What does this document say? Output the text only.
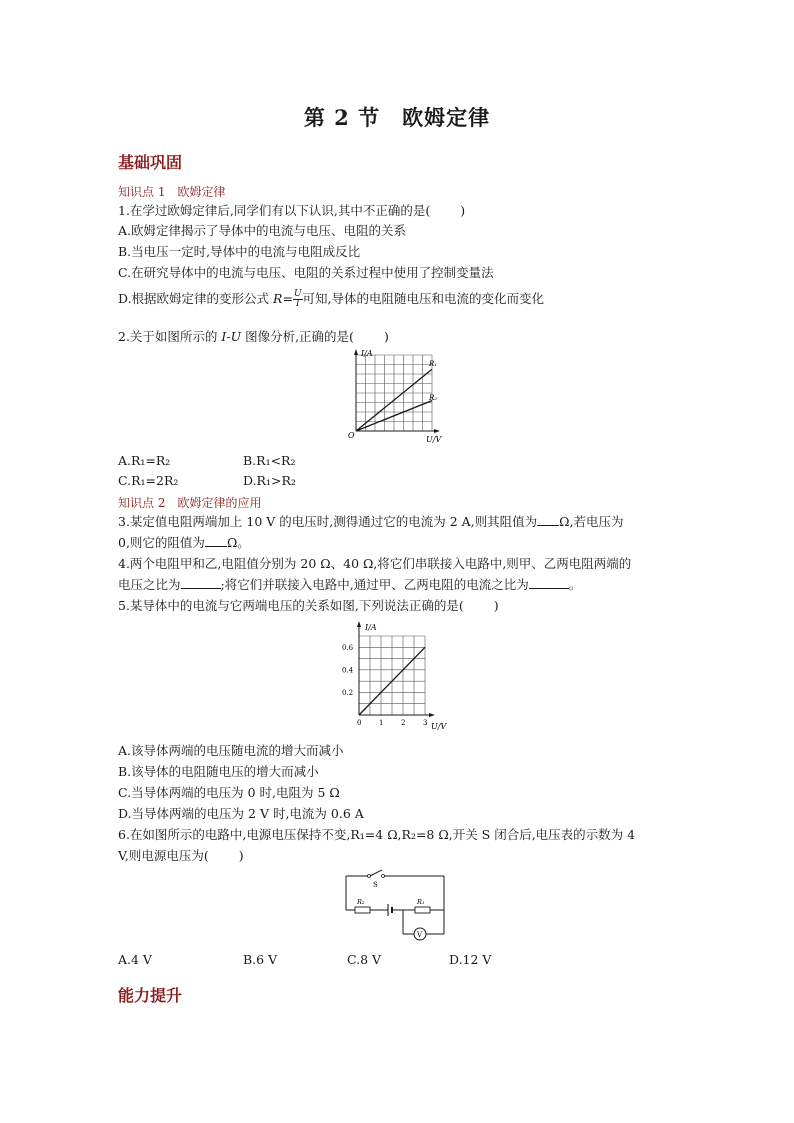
第 2 节　欧姆定律
基础巩固
知识点 1　欧姆定律
1.在学过欧姆定律后,同学们有以下认识,其中不正确的是( )
A.欧姆定律揭示了导体中的电流与电压、电阻的关系
B.当电压一定时,导体中的电流与电阻成反比
C.在研究导体中的电流与电压、电阻的关系过程中使用了控制变量法
D.根据欧姆定律的变形公式 $R= \frac{U}{I}$ 可知,导体的电阻随电压和电流的变化而变化
2.关于如图所示的 I-U 图像分析,正确的是( )
I/A
U/V
O
R₁
R₂
A.R₁=R₂	B.R₁<R₂
C.R₁=2R₂	D.R₁>R₂
知识点 2　欧姆定律的应用
3.某定值电阻两端加上 10 V 的电压时,测得通过它的电流为 2 A,则其阻值为 Ω,若电压为
0,则它的阻值为 Ω。
4.两个电阻甲和乙,电阻值分别为 20 Ω、40 Ω,将它们串联接入电路中,则甲、乙两电阻两端的
电压之比为	;将它们并联接入电路中,通过甲、乙两电阻的电流之比为	。
5.某导体中的电流与它两端电压的关系如图,下列说法正确的是( )
0	1	2	3
0.2
0.4
0.6
I/A
U/V
A.该导体两端的电压随电流的增大而减小
B.该导体的电阻随电压的增大而减小
C.当导体两端的电压为 0 时,电阻为 5 Ω
D.当导体两端的电压为 2 V 时,电流为 0.6 A
6.在如图所示的电路中,电源电压保持不变,R₁=4 Ω,R₂=8 Ω,开关 S 闭合后,电压表的示数为 4
V,则电源电压为( )
S
R₂	R₁
V
A.4 V	B.6 V	C.8 V	D.12 V
能力提升
